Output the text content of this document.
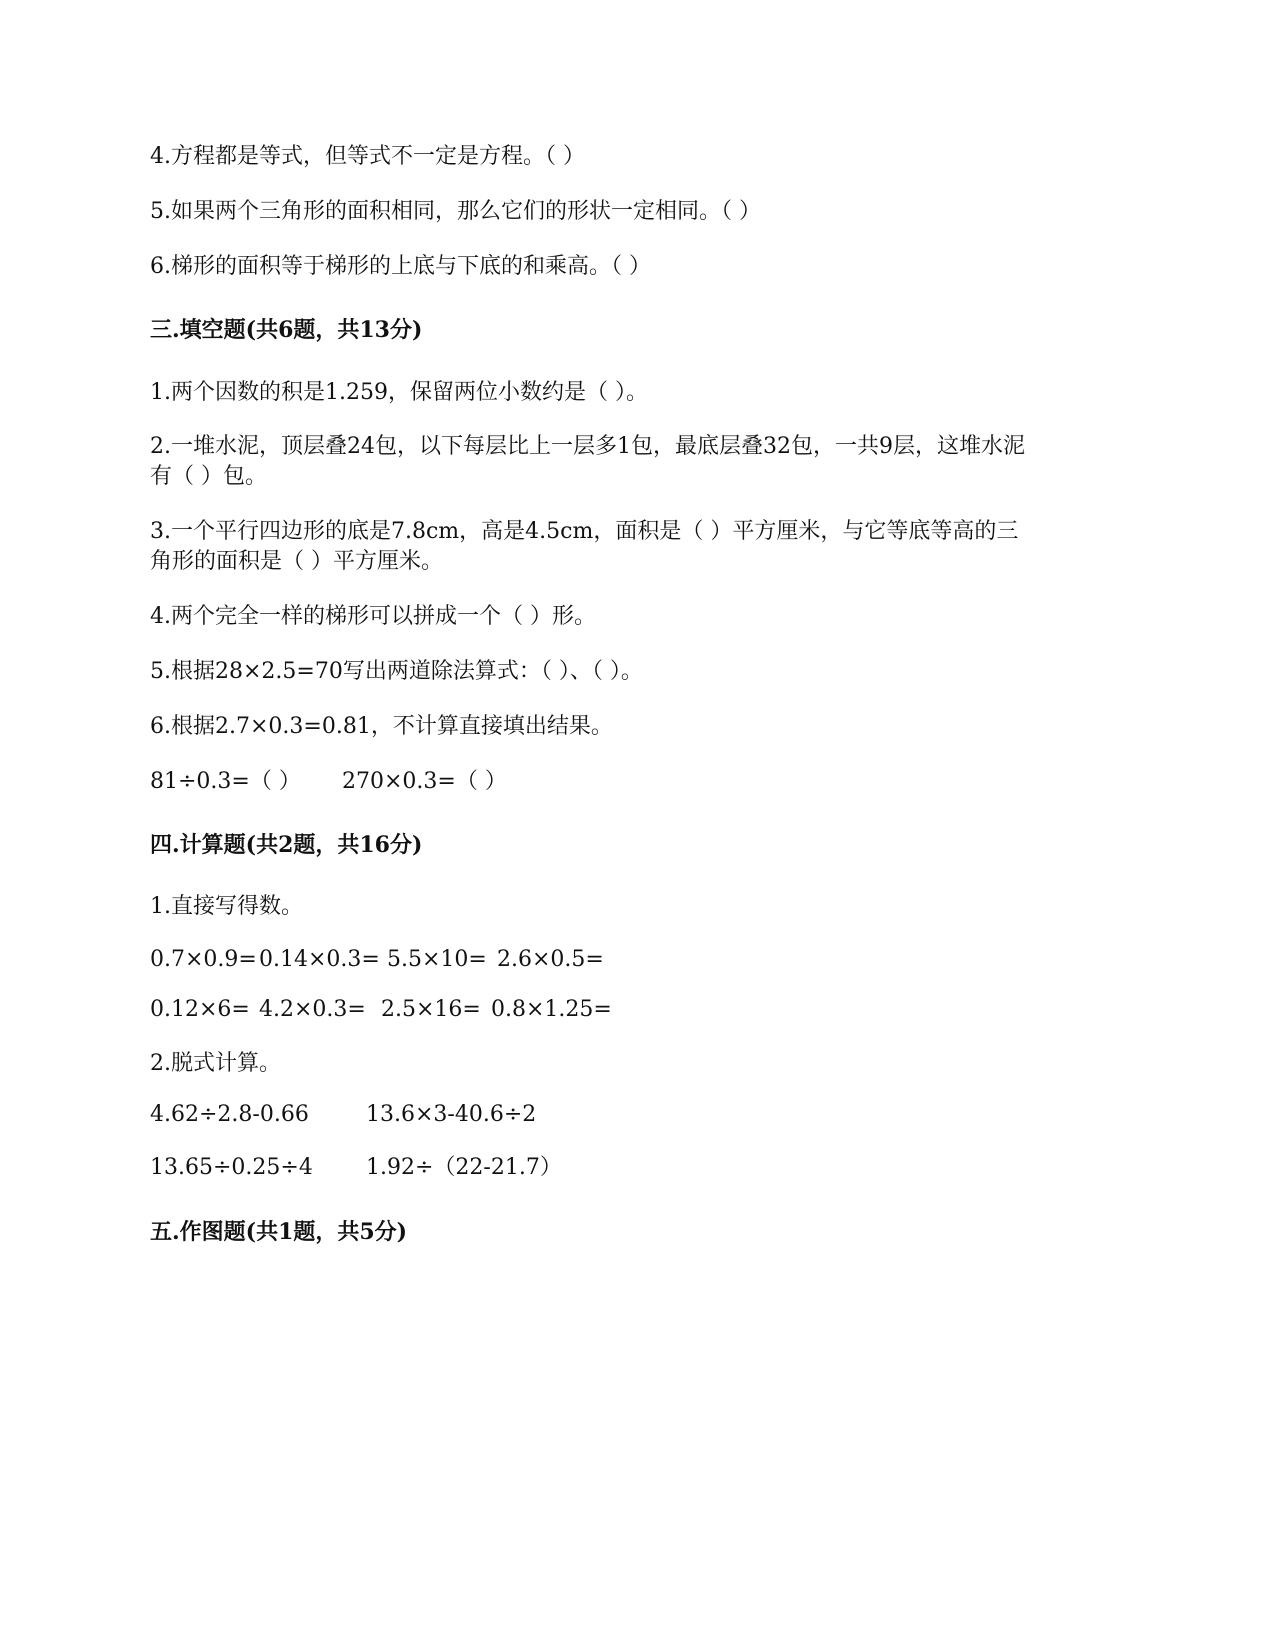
4.方程都是等式，但等式不一定是方程。（ ）

5.如果两个三角形的面积相同，那么它们的形状一定相同。（ ）

6.梯形的面积等于梯形的上底与下底的和乘高。（ ）

三.填空题(共6题，共13分)

1.两个因数的积是1.259，保留两位小数约是（ ）。

2.一堆水泥，顶层叠24包，以下每层比上一层多1包，最底层叠32包，一共9层，这堆水泥

有（ ）包。

3.一个平行四边形的底是7.8cm，高是4.5cm，面积是（ ）平方厘米，与它等底等高的三

角形的面积是（ ）平方厘米。

4.两个完全一样的梯形可以拼成一个（ ）形。

5.根据28×2.5=70写出两道除法算式：（ ）、（ ）。

6.根据2.7×0.3=0.81，不计算直接填出结果。

81÷0.3=（ ） 270×0.3=（ ）

四.计算题(共2题，共16分)

1.直接写得数。

0.7×0.9= 0.14×0.3= 5.5×10= 2.6×0.5=
0.12×6= 4.2×0.3= 2.5×16= 0.8×1.25=

2.脱式计算。

4.62÷2.8-0.66	13.6×3-40.6÷2
13.65÷0.25÷4 1.92÷（22-21.7）

五.作图题(共1题，共5分)
